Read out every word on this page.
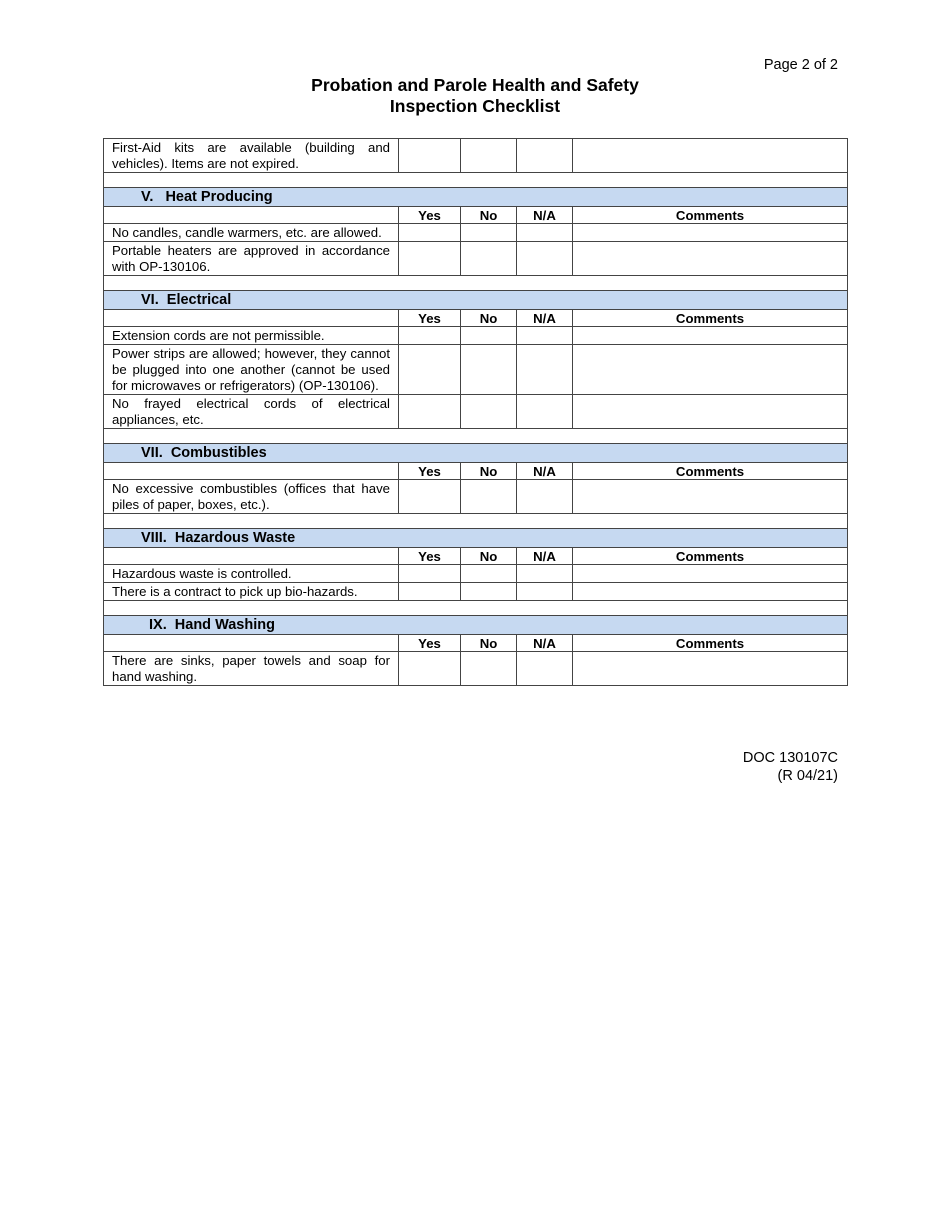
Page 2 of 2
Probation and Parole Health and Safety
Inspection Checklist
First-Aid kits are available (building and vehicles). Items are not expired.				

V.   Heat Producing				
	Yes	No	N/A	Comments
No candles, candle warmers, etc. are allowed.				
Portable heaters are approved in accordance with OP-130106.				

VI.  Electrical				
	Yes	No	N/A	Comments
Extension cords are not permissible.				
Power strips are allowed; however, they cannot be plugged into one another (cannot be used for microwaves or refrigerators) (OP-130106).				
No frayed electrical cords of electrical appliances, etc.				

VII.  Combustibles				
	Yes	No	N/A	Comments
No excessive combustibles (offices that have piles of paper, boxes, etc.).				

VIII.  Hazardous Waste				
	Yes	No	N/A	Comments
Hazardous waste is controlled.				
There is a contract to pick up bio-hazards.				

IX.  Hand Washing				
	Yes	No	N/A	Comments
There are sinks, paper towels and soap for hand washing.				
DOC 130107C
(R 04/21)
